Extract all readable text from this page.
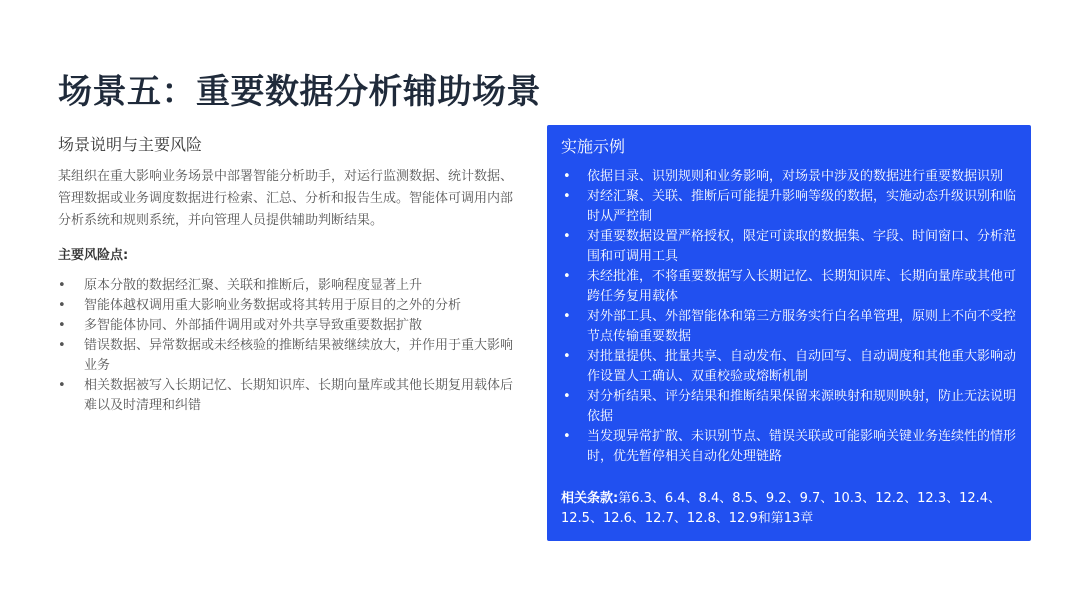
场景五：重要数据分析辅助场景
场景说明与主要风险

某组织在重大影响业务场景中部署智能分析助手，对运行监测数据、统计数据、管理数据或业务调度数据进行检索、汇总、分析和报告生成。智能体可调用内部分析系统和规则系统，并向管理人员提供辅助判断结果。

主要风险点:
• 原本分散的数据经汇聚、关联和推断后，影响程度显著上升
• 智能体越权调用重大影响业务数据或将其转用于原目的之外的分析
• 多智能体协同、外部插件调用或对外共享导致重要数据扩散
• 错误数据、异常数据或未经核验的推断结果被继续放大，并作用于重大影响业务
• 相关数据被写入长期记忆、长期知识库、长期向量库或其他长期复用载体后难以及时清理和纠错
实施示例
• 依据目录、识别规则和业务影响，对场景中涉及的数据进行重要数据识别
• 对经汇聚、关联、推断后可能提升影响等级的数据，实施动态升级识别和临时从严控制
• 对重要数据设置严格授权，限定可读取的数据集、字段、时间窗口、分析范围和可调用工具
• 未经批准，不将重要数据写入长期记忆、长期知识库、长期向量库或其他可跨任务复用载体
• 对外部工具、外部智能体和第三方服务实行白名单管理，原则上不向不受控节点传输重要数据
• 对批量提供、批量共享、自动发布、自动回写、自动调度和其他重大影响动作设置人工确认、双重校验或熔断机制
• 对分析结果、评分结果和推断结果保留来源映射和规则映射，防止无法说明依据
• 当发现异常扩散、未识别节点、错误关联或可能影响关键业务连续性的情形时，优先暂停相关自动化处理链路
相关条款:第6.3、6.4、8.4、8.5、9.2、9.7、10.3、12.2、12.3、12.4、12.5、12.6、12.7、12.8、12.9和第13章
